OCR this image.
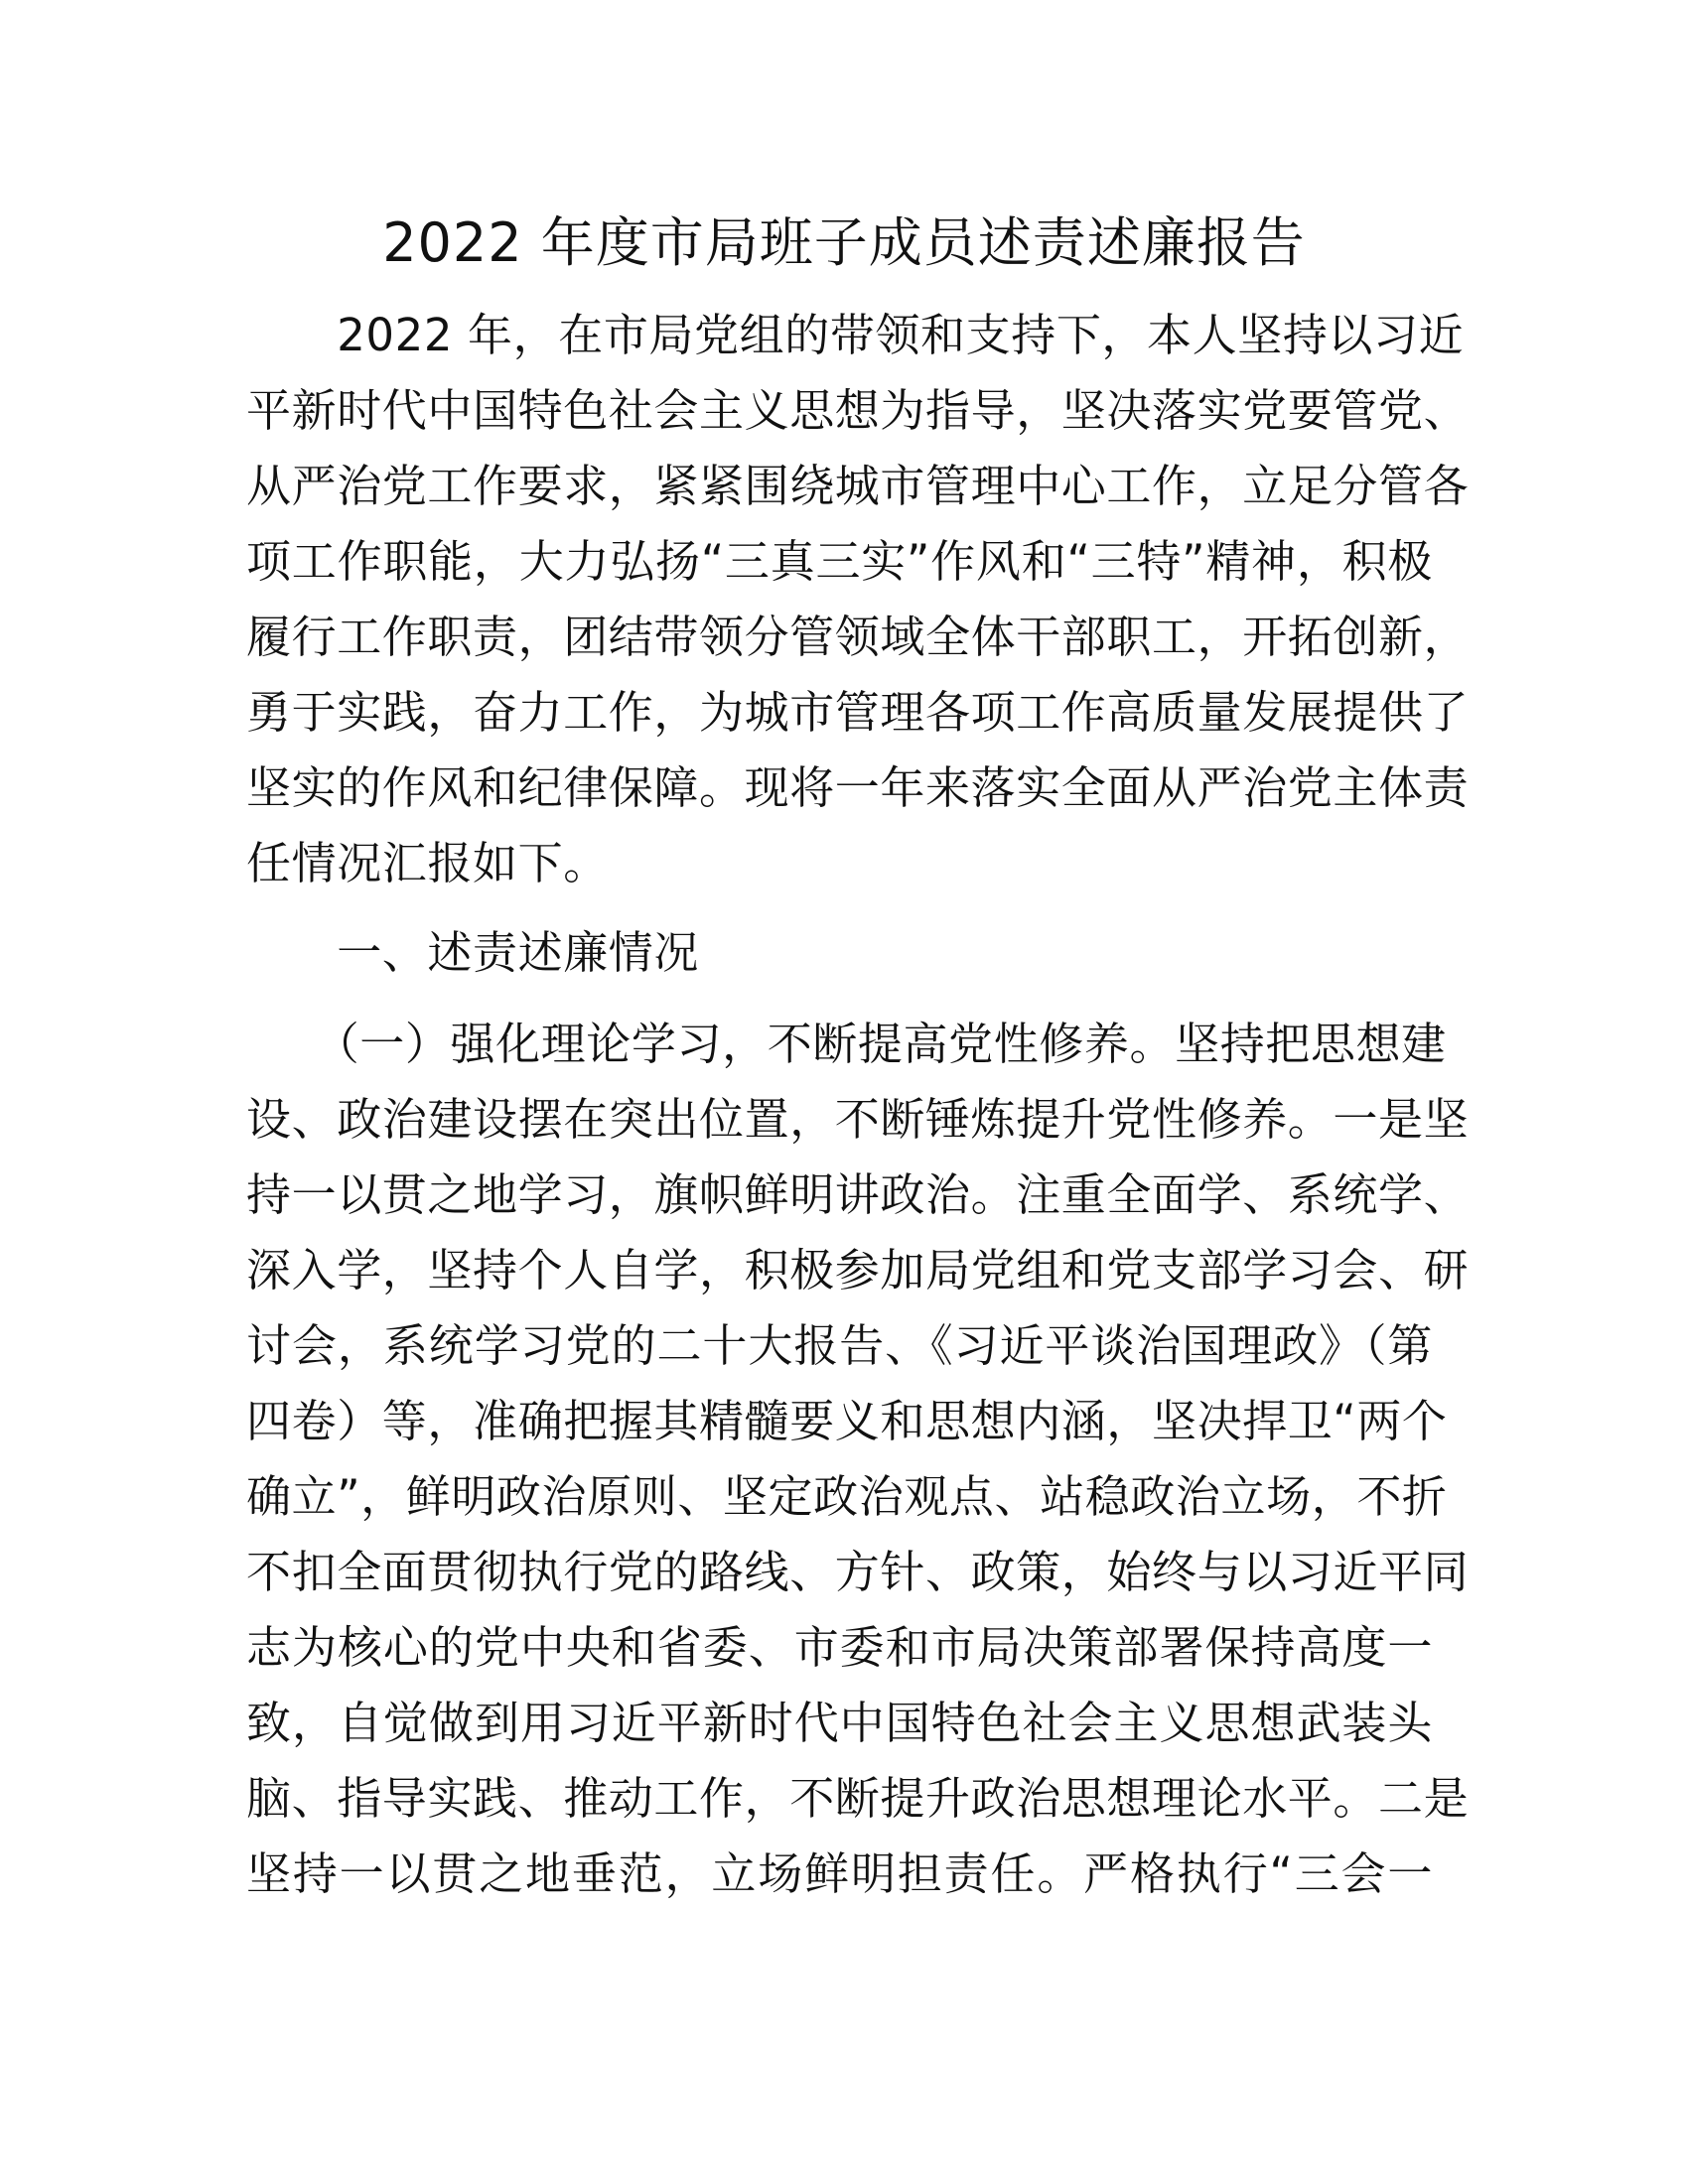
2022 年度市局班子成员述责述廉报告

　　2022 年，在市局党组的带领和支持下，本人坚持以习近
平新时代中国特色社会主义思想为指导，坚决落实党要管党、
从严治党工作要求，紧紧围绕城市管理中心工作，立足分管各
项工作职能，大力弘扬“三真三实”作风和“三特”精神，积极
履行工作职责，团结带领分管领域全体干部职工，开拓创新，
勇于实践，奋力工作，为城市管理各项工作高质量发展提供了
坚实的作风和纪律保障。现将一年来落实全面从严治党主体责
任情况汇报如下。

　　一、述责述廉情况

　　（一）强化理论学习，不断提高党性修养。坚持把思想建
设、政治建设摆在突出位置，不断锤炼提升党性修养。一是坚
持一以贯之地学习，旗帜鲜明讲政治。注重全面学、系统学、
深入学，坚持个人自学，积极参加局党组和党支部学习会、研
讨会，系统学习党的二十大报告、《习近平谈治国理政》（第
四卷）等，准确把握其精髓要义和思想内涵，坚决捍卫“两个
确立”，鲜明政治原则、坚定政治观点、站稳政治立场，不折
不扣全面贯彻执行党的路线、方针、政策，始终与以习近平同
志为核心的党中央和省委、市委和市局决策部署保持高度一
致，自觉做到用习近平新时代中国特色社会主义思想武装头
脑、指导实践、推动工作，不断提升政治思想理论水平。二是
坚持一以贯之地垂范，立场鲜明担责任。严格执行“三会一
